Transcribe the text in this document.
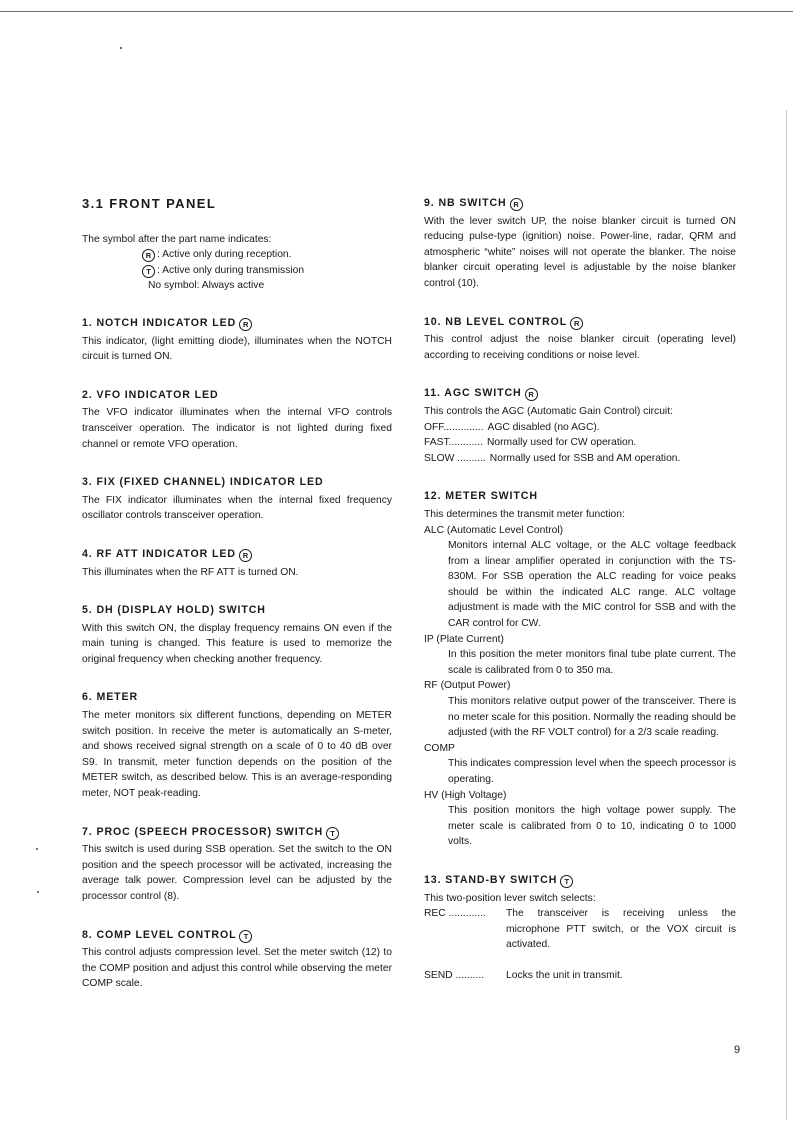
3.1 FRONT PANEL

The symbol after the part name indicates:

R : Active only during reception.

T : Active only during transmission

No symbol: Always active

1. NOTCH INDICATOR LED R

This indicator, (light emitting diode), illuminates when the NOTCH circuit is turned ON.

2. VFO INDICATOR LED

The VFO indicator illuminates when the internal VFO controls transceiver operation. The indicator is not lighted during fixed channel or remote VFO operation.

3. FIX (FIXED CHANNEL) INDICATOR LED

The FIX indicator illuminates when the internal fixed frequency oscillator controls transceiver operation.

4. RF ATT INDICATOR LED R

This illuminates when the RF ATT is turned ON.

5. DH (DISPLAY HOLD) SWITCH

With this switch ON, the display frequency remains ON even if the main tuning is changed. This feature is used to memorize the original frequency when checking another frequency.

6. METER

The meter monitors six different functions, depending on METER switch position. In receive the meter is automatically an S-meter, and shows received signal strength on a scale of 0 to 40 dB over S9. In transmit, meter function depends on the position of the METER switch, as described below. This is an average-responding meter, NOT peak-reading.

7. PROC (SPEECH PROCESSOR) SWITCH T

This switch is used during SSB operation. Set the switch to the ON position and the speech processor will be activated, increasing the average talk power. Compression level can be adjusted by the processor control (8).

8. COMP LEVEL CONTROL T

This control adjusts compression level. Set the meter switch (12) to the COMP position and adjust this control while observing the meter COMP scale.

9. NB SWITCH R

With the lever switch UP, the noise blanker circuit is turned ON reducing pulse-type (ignition) noise. Power-line, radar, QRM and atmospheric “white” noises will not operate the blanker. The noise blanker circuit operating level is adjustable by the noise blanker control (10).

10. NB LEVEL CONTROL R

This control adjust the noise blanker circuit (operating level) according to receiving conditions or noise level.

11. AGC SWITCH R

This controls the AGC (Automatic Gain Control) circuit:

OFF.............. AGC disabled (no AGC).

FAST............ Normally used for CW operation.

SLOW .......... Normally used for SSB and AM operation.

12. METER SWITCH

This determines the transmit meter function:

ALC (Automatic Level Control)

Monitors internal ALC voltage, or the ALC voltage feedback from a linear amplifier operated in conjunction with the TS-830M. For SSB operation the ALC reading for voice peaks should be within the indicated ALC range. ALC voltage adjustment is made with the MIC control for SSB and with the CAR control for CW.

IP (Plate Current)

In this position the meter monitors final tube plate current. The scale is calibrated from 0 to 350 ma.

RF (Output Power)

This monitors relative output power of the transceiver. There is no meter scale for this position. Normally the reading should be adjusted (with the RF VOLT control) for a 2/3 scale reading.

COMP

This indicates compression level when the speech processor is operating.

HV (High Voltage)

This position monitors the high voltage power supply. The meter scale is calibrated from 0 to 10, indicating 0 to 1000 volts.

13. STAND-BY SWITCH T

This two-position lever switch selects:

REC .............	The transceiver is receiving unless the microphone PTT switch, or the VOX circuit is activated.

SEND ..........	Locks the unit in transmit.

9
